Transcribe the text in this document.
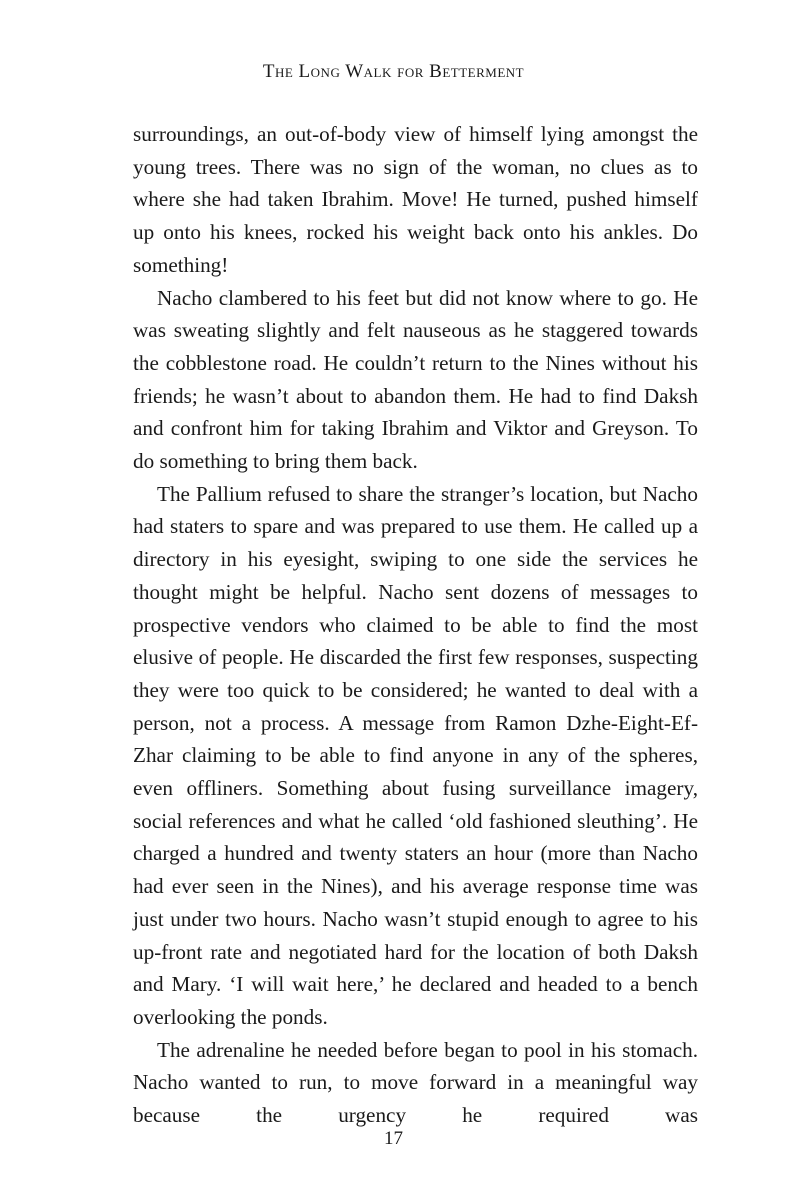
The Long Walk for Betterment

surroundings, an out-of-body view of himself lying amongst the young trees. There was no sign of the woman, no clues as to where she had taken Ibrahim. Move! He turned, pushed himself up onto his knees, rocked his weight back onto his ankles. Do something!

Nacho clambered to his feet but did not know where to go. He was sweating slightly and felt nauseous as he staggered towards the cobblestone road. He couldn’t return to the Nines without his friends; he wasn’t about to abandon them. He had to find Daksh and confront him for taking Ibrahim and Viktor and Greyson. To do something to bring them back.

The Pallium refused to share the stranger’s location, but Nacho had staters to spare and was prepared to use them. He called up a directory in his eyesight, swiping to one side the services he thought might be helpful. Nacho sent dozens of messages to prospective vendors who claimed to be able to find the most elusive of people. He discarded the first few responses, suspecting they were too quick to be considered; he wanted to deal with a person, not a process. A message from Ramon Dzhe-Eight-Ef-Zhar claiming to be able to find anyone in any of the spheres, even offliners. Something about fusing surveillance imagery, social references and what he called ‘old fashioned sleuthing’. He charged a hundred and twenty staters an hour (more than Nacho had ever seen in the Nines), and his average response time was just under two hours. Nacho wasn’t stupid enough to agree to his up-front rate and negotiated hard for the location of both Daksh and Mary. ‘I will wait here,’ he declared and headed to a bench overlooking the ponds.

The adrenaline he needed before began to pool in his stomach. Nacho wanted to run, to move forward in a meaningful way because the urgency he required was

17
